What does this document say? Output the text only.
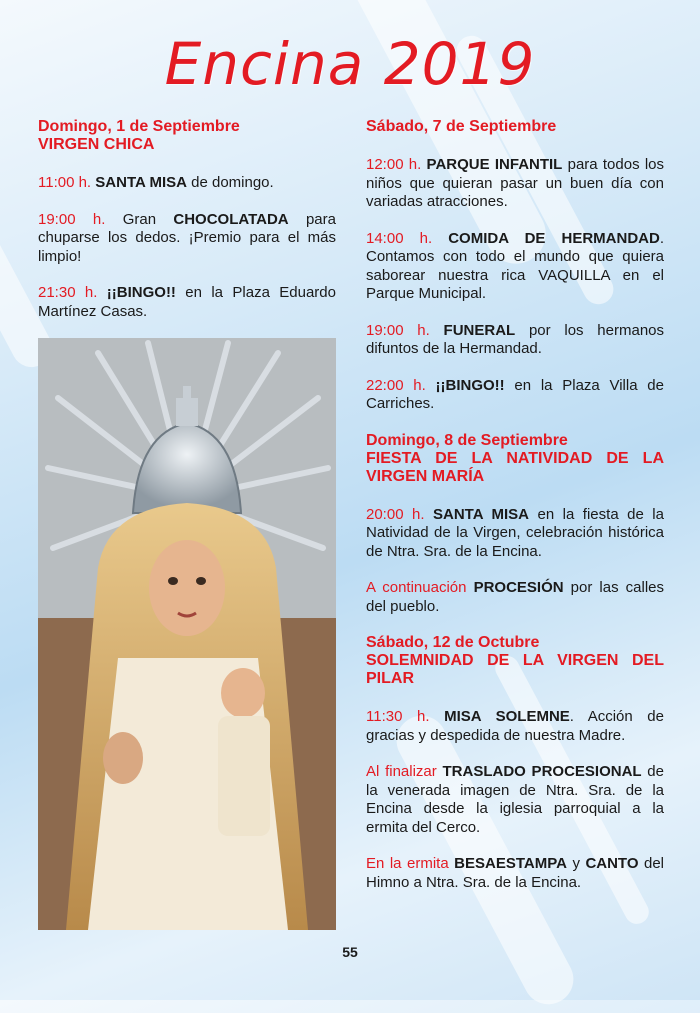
Encina 2019
Domingo, 1 de Septiembre
VIRGEN CHICA

11:00 h. SANTA MISA de domingo.

19:00 h. Gran CHOCOLATADA para chuparse los dedos. ¡Premio para el más limpio!

21:30 h. ¡¡BINGO!! en la Plaza Eduardo Martínez Casas.

Sábado, 7 de Septiembre

12:00 h. PARQUE INFANTIL para todos los niños que quieran pasar un buen día con variadas atracciones.

14:00 h. COMIDA DE HERMANDAD. Contamos con todo el mundo que quiera saborear nuestra rica VAQUILLA en el Parque Municipal.

19:00 h. FUNERAL por los hermanos difuntos de la Hermandad.

22:00 h. ¡¡BINGO!! en la Plaza Villa de Carriches.

Domingo, 8 de Septiembre
FIESTA DE LA NATIVIDAD DE LA VIRGEN MARÍA

20:00 h. SANTA MISA en la fiesta de la Natividad de la Virgen, celebración histórica de Ntra. Sra. de la Encina.

A continuación PROCESIÓN por las calles del pueblo.

Sábado, 12 de Octubre
SOLEMNIDAD DE LA VIRGEN DEL PILAR

11:30 h. MISA SOLEMNE. Acción de gracias y despedida de nuestra Madre.

Al finalizar TRASLADO PROCESIONAL de la venerada imagen de Ntra. Sra. de la Encina desde la iglesia parroquial a la ermita del Cerco.

En la ermita BESAESTAMPA y CANTO del Himno a Ntra. Sra. de la Encina.

55
